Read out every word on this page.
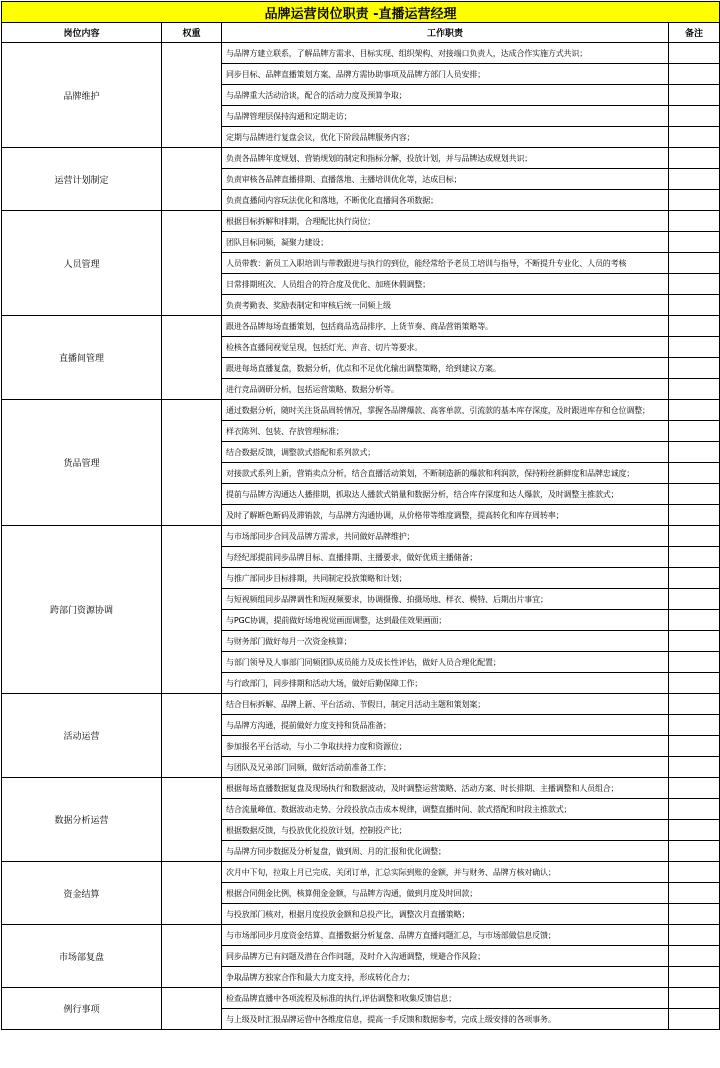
品牌运营岗位职责 -直播运营经理			
岗位内容	权重	工作职责	备注
品牌维护		与品牌方建立联系，了解品牌方需求、目标实现、组织架构、对接端口负责人，达成合作实施方式共识；	
		同步目标、品牌直播策划方案、品牌方需协助事项及品牌方部门人员安排；	
		与品牌重大活动洽谈，配合的活动力度及预算争取；	
		与品牌管理层保持沟通和定期走访；	
		定期与品牌进行复盘会议，优化下阶段品牌服务内容；	
运营计划制定		负责各品牌年度规划、营销规划的制定和指标分解，投放计划，并与品牌达成规划共识；	
		负责审核各品牌直播排期、直播落地、主播培训优化等，达成目标；	
		负责直播间内容玩法优化和落地，不断优化直播间各项数据；	
人员管理		根据目标拆解和排期，合理配比执行岗位；	
		团队目标同频，凝聚力建设；	
		人员带教：新员工入职培训与带教跟进与执行的到位，能经常给予老员工培训与指导，不断提升专业化、人员的考核	
		日常排期班次、人员组合的符合度及优化、加班休假调整；	
		负责考勤表、奖励表制定和审核后统一同频上级	
直播间管理		跟进各品牌每场直播策划，包括商品选品排序、上货节奏、商品营销策略等。	
		检核各直播间视觉呈现，包括灯光、声音、切片等要求。	
		跟进每场直播复盘，数据分析，优点和不足优化输出调整策略，给到建议方案。	
		进行竞品调研分析，包括运营策略、数据分析等。	
货品管理		通过数据分析，随时关注货品周转情况，掌握各品牌爆款、高客单款、引流款的基本库存深度，及时跟进库存和仓位调整；	
		样衣陈列、包装、存放管理标准；	
		结合数据反馈，调整款式搭配和系列款式；	
		对接款式系列上新，营销卖点分析，结合直播活动策划，不断制造新的爆款和利润款，保持粉丝新鲜度和品牌忠诚度；	
		提前与品牌方沟通达人播排期，抓取达人播款式销量和数据分析，结合库存深度和达人爆款，及时调整主推款式；	
		及时了解断色断码及滞销款，与品牌方沟通协调，从价格带等维度调整，提高转化和库存周转率；	
跨部门资源协调		与市场部同步合同及品牌方需求，共同做好品牌维护；	
		与经纪部提前同步品牌目标、直播排期、主播要求，做好优质主播储备；	
		与推广部同步目标排期，共同制定投放策略和计划；	
		与短视频组同步品牌调性和短视频要求，协调摄像、拍摄场地、样衣、模特、后期出片事宜；	
		与PGC协调，提前做好场地视觉画面调整，达到最佳效果画面；	
		与财务部门做好每月一次资金核算；	
		与部门领导及人事部门同频团队成员能力及成长性评估，做好人员合理化配置；	
		与行政部门，同步排期和活动大场，做好后勤保障工作；	
活动运营		结合目标拆解、品牌上新、平台活动、节假日，制定月活动主题和策划案；	
		与品牌方沟通，提前做好力度支持和货品准备；	
		参加报名平台活动，与小二争取扶持力度和资源位；	
		与团队及兄弟部门同频，做好活动前准备工作；	
数据分析运营		根据每场直播数据复盘及现场执行和数据波动，及时调整运营策略、活动方案、时长排期、主播调整和人员组合；	
		结合流量峰值、数据波动走势、分段投放点击成本规律，调整直播时间、款式搭配和时段主推款式；	
		根据数据反馈，与投放优化投放计划，控制投产比；	
		与品牌方同步数据及分析复盘，做到周、月的汇报和优化调整；	
资金结算		次月中下旬，拉取上月已完成、关闭订单，汇总实际到账的金额，并与财务、品牌方核对确认；	
		根据合同佣金比例，核算佣金金额，与品牌方沟通，做到月度及时回款；	
		与投放部门核对，根据月度投放金额和总投产比，调整次月直播策略；	
市场部复盘		与市场部同步月度资金结算、直播数据分析复盘、品牌方直播问题汇总，与市场部做信息反馈；	
		同步品牌方已有问题及潜在合作问题，及时介入沟通调整，规避合作风险；	
		争取品牌方独家合作和最大力度支持，形成转化合力；	
例行事项		检查品牌直播中各项流程及标准的执行,评估调整和收集反馈信息；	
		与上级及时汇报品牌运营中各维度信息，提高一手反馈和数据参考，完成上级安排的各项事务。	
